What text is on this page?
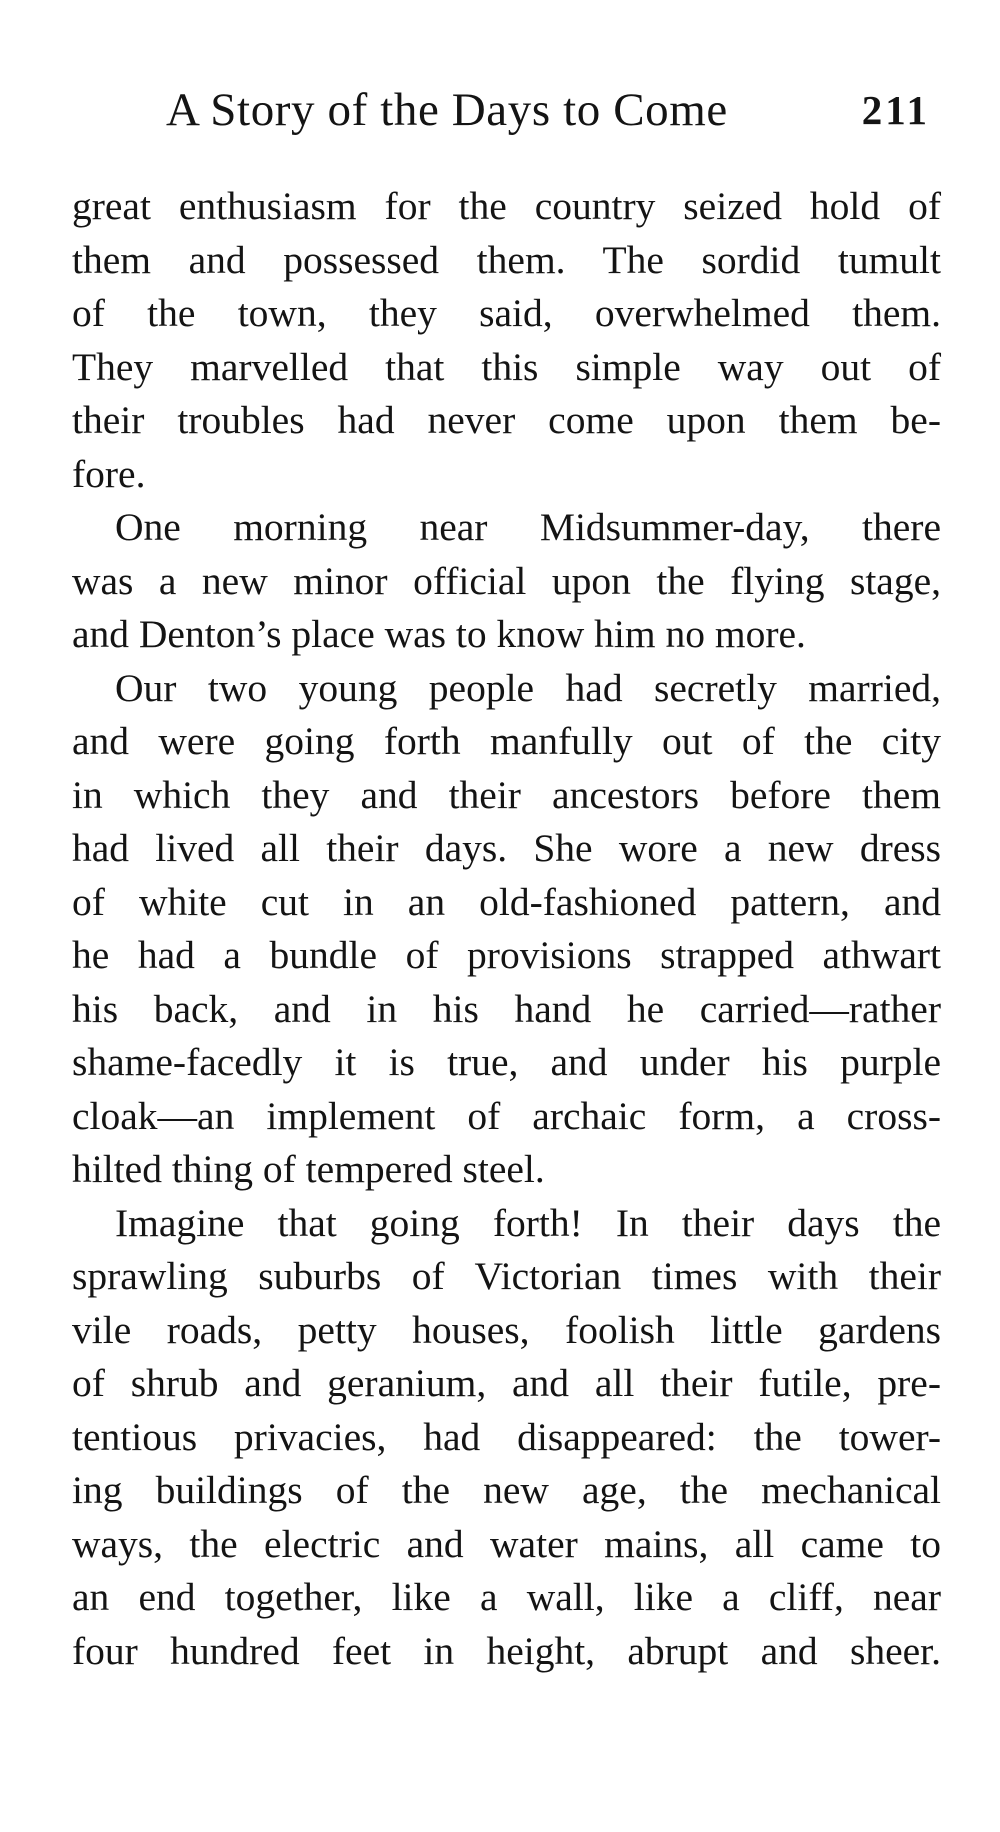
A Story of the Days to Come	211
great enthusiasm for the country seized hold of
them and possessed them. The sordid tumult
of the town, they said, overwhelmed them.
They marvelled that this simple way out of
their troubles had never come upon them be-
fore.
One morning near Midsummer-day, there
was a new minor official upon the flying stage,
and Denton’s place was to know him no more.
Our two young people had secretly married,
and were going forth manfully out of the city
in which they and their ancestors before them
had lived all their days. She wore a new dress
of white cut in an old-fashioned pattern, and
he had a bundle of provisions strapped athwart
his back, and in his hand he carried—rather
shame-facedly it is true, and under his purple
cloak—an implement of archaic form, a cross-
hilted thing of tempered steel.
Imagine that going forth! In their days the
sprawling suburbs of Victorian times with their
vile roads, petty houses, foolish little gardens
of shrub and geranium, and all their futile, pre-
tentious privacies, had disappeared: the tower-
ing buildings of the new age, the mechanical
ways, the electric and water mains, all came to
an end together, like a wall, like a cliff, near
four hundred feet in height, abrupt and sheer.
